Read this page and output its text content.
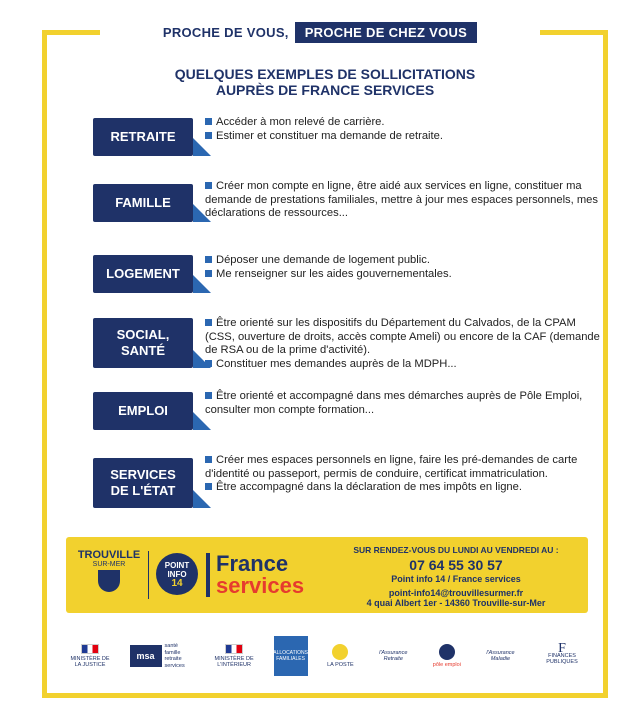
PROCHE DE VOUS,	PROCHE DE CHEZ VOUS
QUELQUES EXEMPLES DE SOLLICITATIONS
AUPRÈS DE FRANCE SERVICES
RETRAITE
Accéder à mon relevé de carrière.
Estimer et constituer ma demande de retraite.
FAMILLE
Créer mon compte en ligne, être aidé aux services en ligne, constituer ma demande de prestations familiales, mettre à jour mes espaces personnels, mes déclarations de ressources...
LOGEMENT
Déposer une demande de logement public.
Me renseigner sur les aides gouvernementales.
SOCIAL,
SANTÉ
Être orienté sur les dispositifs du Département du Calvados, de la CPAM (CSS, ouverture de droits, accès compte Ameli) ou encore de la CAF (demande de RSA ou de la prime d'activité).
Constituer mes demandes auprès de la MDPH...
EMPLOI
Être orienté et accompagné dans mes démarches auprès de Pôle Emploi, consulter mon compte formation...
SERVICES
DE L'ÉTAT
Créer mes espaces personnels en ligne, faire les pré-demandes de carte d'identité ou passeport, permis de conduire, certificat immatriculation.
Être accompagné dans la déclaration de mes impôts en ligne.
TROUVILLE
SUR-MER	POINT
INFO
14
France
services
SUR RENDEZ-VOUS DU LUNDI AU VENDREDI AU :
07 64 55 30 57
Point info 14 / France services
point-info14@trouvillesurmer.fr
4 quai Albert 1er - 14360 Trouville-sur-Mer
MINISTÈRE DE LA JUSTICE
msa
santé famille retraite services
MINISTÈRE DE L'INTÉRIEUR
ALLOCATIONS FAMILIALES
LA POSTE
l'Assurance Retraite
pôle emploi
l'Assurance Maladie
F
FINANCES PUBLIQUES
